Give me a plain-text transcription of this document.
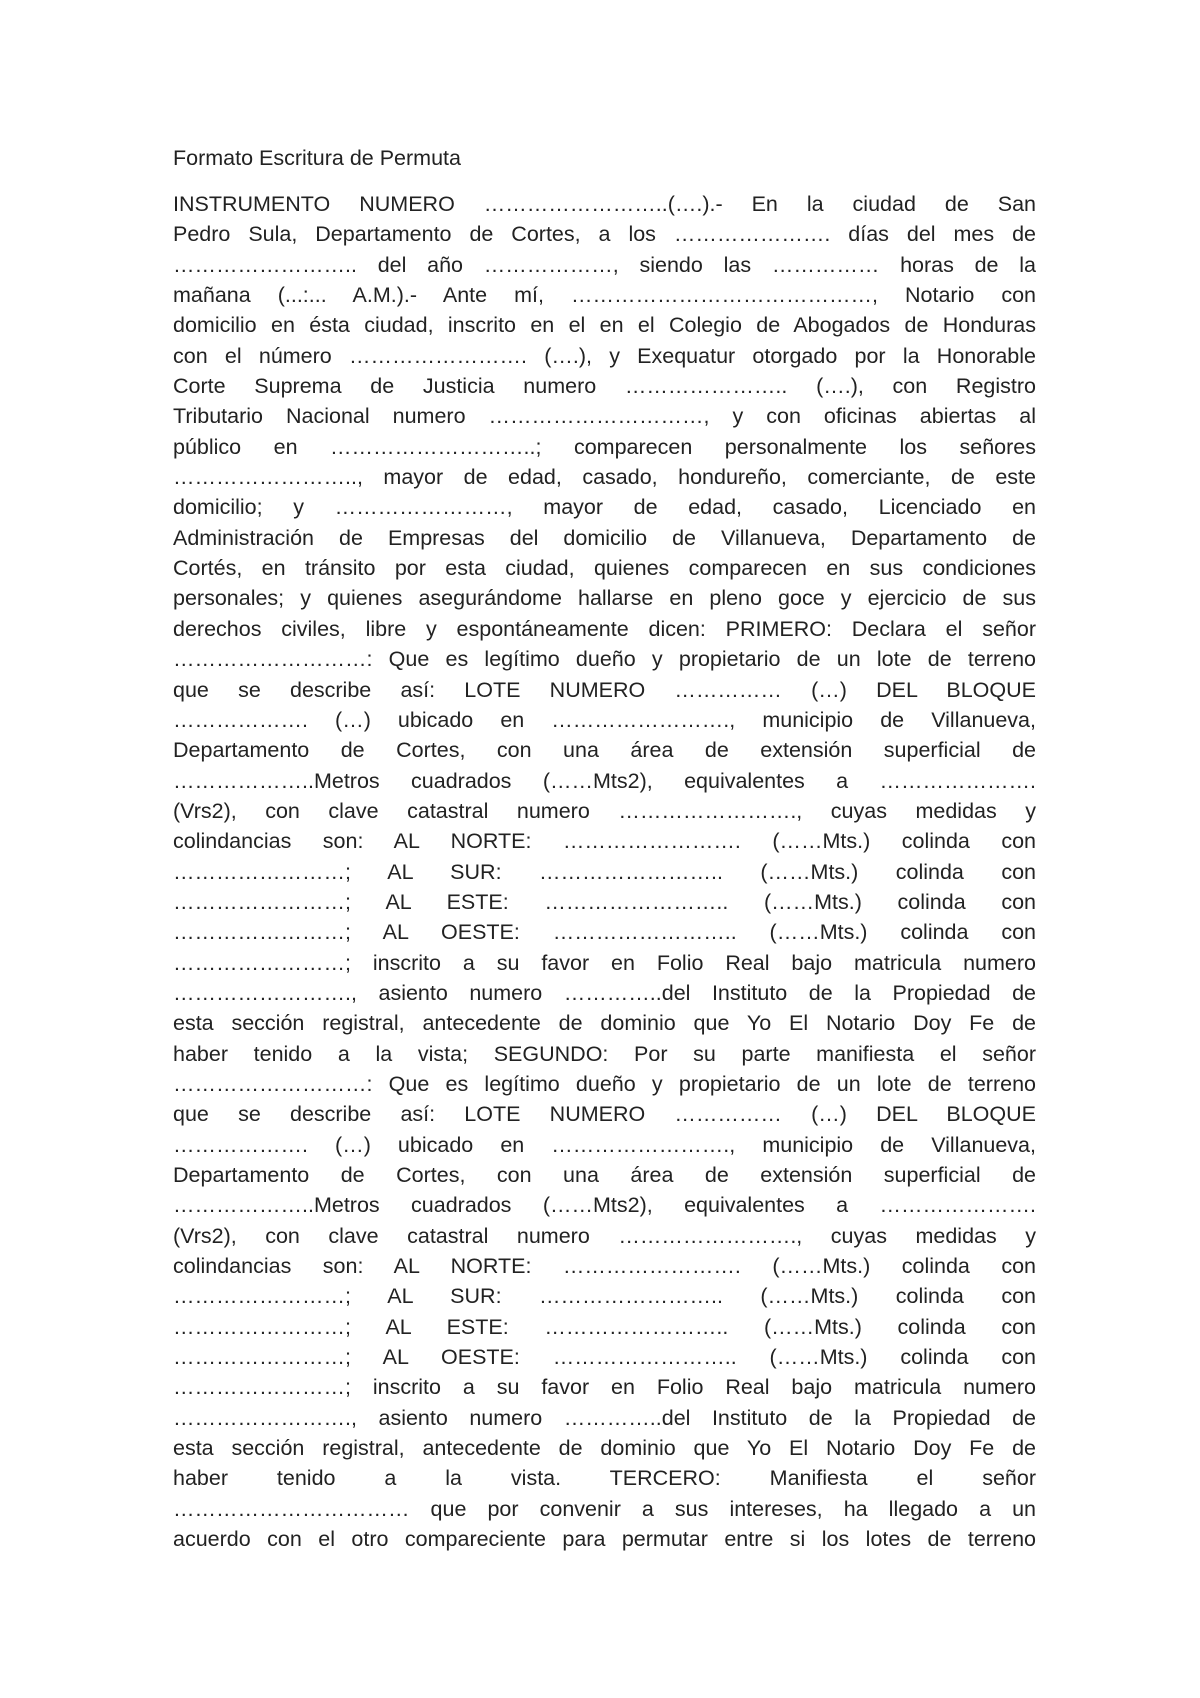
Formato Escritura de Permuta
INSTRUMENTO NUMERO ……………………..(….).- En la ciudad de San
Pedro Sula, Departamento de Cortes, a los …………………. días del mes de
…………………….. del año ………………, siendo las …………… horas de la
mañana (...:... A.M.).- Ante mí, ……………………………………, Notario con
domicilio en ésta ciudad, inscrito en el en el Colegio de Abogados de Honduras
con el número ……………………. (….), y Exequatur otorgado por la Honorable
Corte Suprema de Justicia numero ………………….. (….), con Registro
Tributario Nacional numero …………………………, y con oficinas abiertas al
público en ………………………..; comparecen personalmente los señores
…………………….., mayor de edad, casado, hondureño, comerciante, de este
domicilio; y ……………………, mayor de edad, casado, Licenciado en
Administración de Empresas del domicilio de Villanueva, Departamento de
Cortés, en tránsito por esta ciudad, quienes comparecen en sus condiciones
personales; y quienes asegurándome hallarse en pleno goce y ejercicio de sus
derechos civiles, libre y espontáneamente dicen: PRIMERO: Declara el señor
………………………: Que es legítimo dueño y propietario de un lote de terreno
que se describe así: LOTE NUMERO …………… (…) DEL BLOQUE
………………. (…) ubicado en ……………………., municipio de Villanueva,
Departamento de Cortes, con una área de extensión superficial de
………………..Metros cuadrados (……Mts2), equivalentes a ………………….
(Vrs2), con clave catastral numero ……………………., cuyas medidas y
colindancias son: AL NORTE: ……………………. (……Mts.) colinda con
……………………; AL SUR: …………………….. (……Mts.) colinda con
……………………; AL ESTE: …………………….. (……Mts.) colinda con
……………………; AL OESTE: …………………….. (……Mts.) colinda con
……………………; inscrito a su favor en Folio Real bajo matricula numero
……………………., asiento numero …………..del Instituto de la Propiedad de
esta sección registral, antecedente de dominio que Yo El Notario Doy Fe de
haber tenido a la vista; SEGUNDO: Por su parte manifiesta el señor
………………………: Que es legítimo dueño y propietario de un lote de terreno
que se describe así: LOTE NUMERO …………… (…) DEL BLOQUE
………………. (…) ubicado en ……………………., municipio de Villanueva,
Departamento de Cortes, con una área de extensión superficial de
………………..Metros cuadrados (……Mts2), equivalentes a ………………….
(Vrs2), con clave catastral numero ……………………., cuyas medidas y
colindancias son: AL NORTE: ……………………. (……Mts.) colinda con
……………………; AL SUR: …………………….. (……Mts.) colinda con
……………………; AL ESTE: …………………….. (……Mts.) colinda con
……………………; AL OESTE: …………………….. (……Mts.) colinda con
……………………; inscrito a su favor en Folio Real bajo matricula numero
……………………., asiento numero …………..del Instituto de la Propiedad de
esta sección registral, antecedente de dominio que Yo El Notario Doy Fe de
haber tenido a la vista. TERCERO: Manifiesta el señor
…………………………… que por convenir a sus intereses, ha llegado a un
acuerdo con el otro compareciente para permutar entre si los lotes de terreno
